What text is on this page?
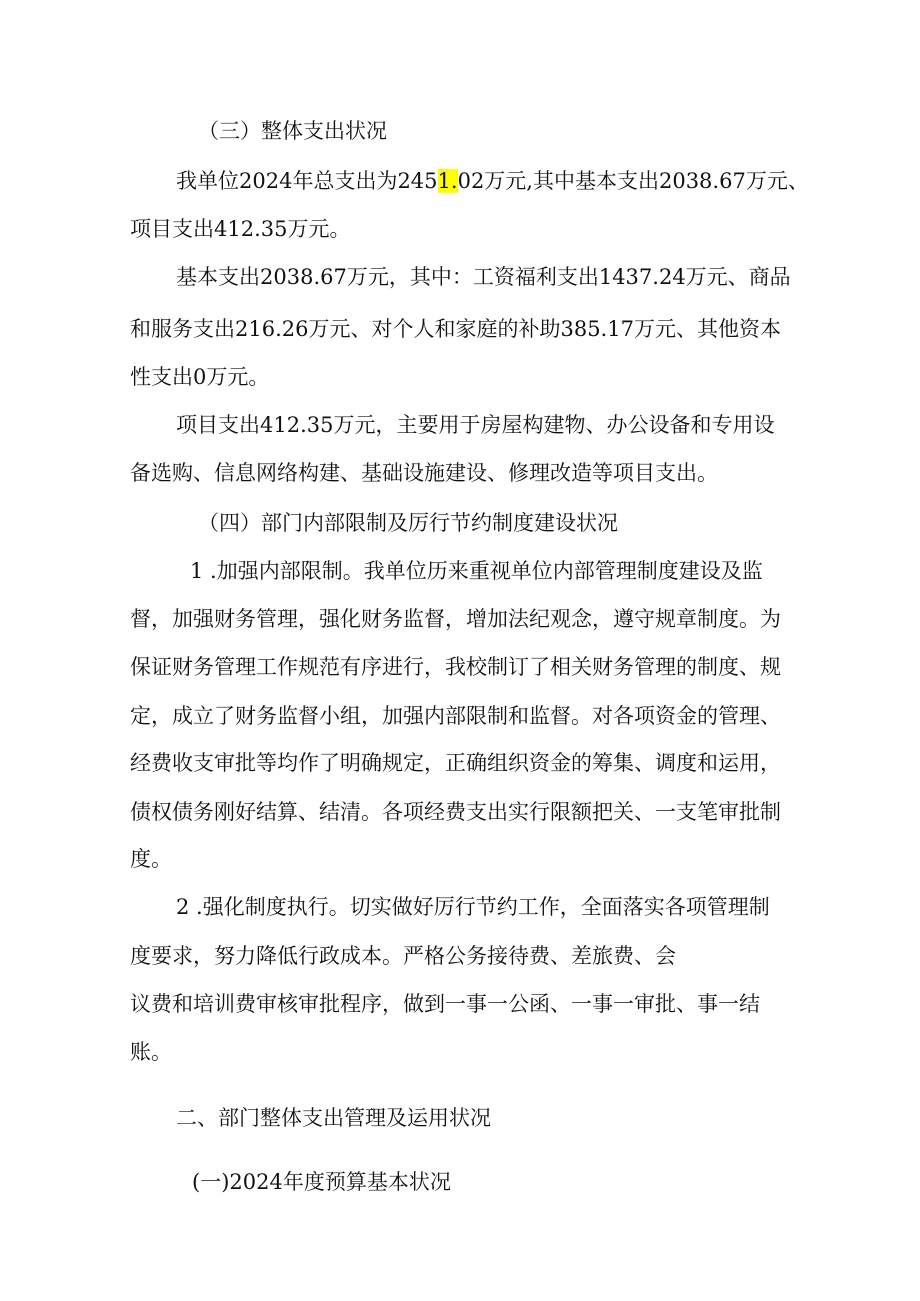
（三）整体支出状况
我单位2024年总支出为2451.02万元,其中基本支出2038.67万元、
项目支出412.35万元。
基本支出2038.67万元，其中：工资福利支出1437.24万元、商品
和服务支出216.26万元、对个人和家庭的补助385.17万元、其他资本
性支出0万元。
项目支出412.35万元，主要用于房屋构建物、办公设备和专用设
备选购、信息网络构建、基础设施建设、修理改造等项目支出。
（四）部门内部限制及厉行节约制度建设状况
1 .加强内部限制。我单位历来重视单位内部管理制度建设及监
督，加强财务管理，强化财务监督，增加法纪观念，遵守规章制度。为
保证财务管理工作规范有序进行，我校制订了相关财务管理的制度、规
定，成立了财务监督小组，加强内部限制和监督。对各项资金的管理、
经费收支审批等均作了明确规定，正确组织资金的筹集、调度和运用，
债权债务刚好结算、结清。各项经费支出实行限额把关、一支笔审批制
度。
2 .强化制度执行。切实做好厉行节约工作，全面落实各项管理制
度要求，努力降低行政成本。严格公务接待费、差旅费、会
议费和培训费审核审批程序，做到一事一公函、一事一审批、事一结
账。
二、部门整体支出管理及运用状况
(一)2024年度预算基本状况
